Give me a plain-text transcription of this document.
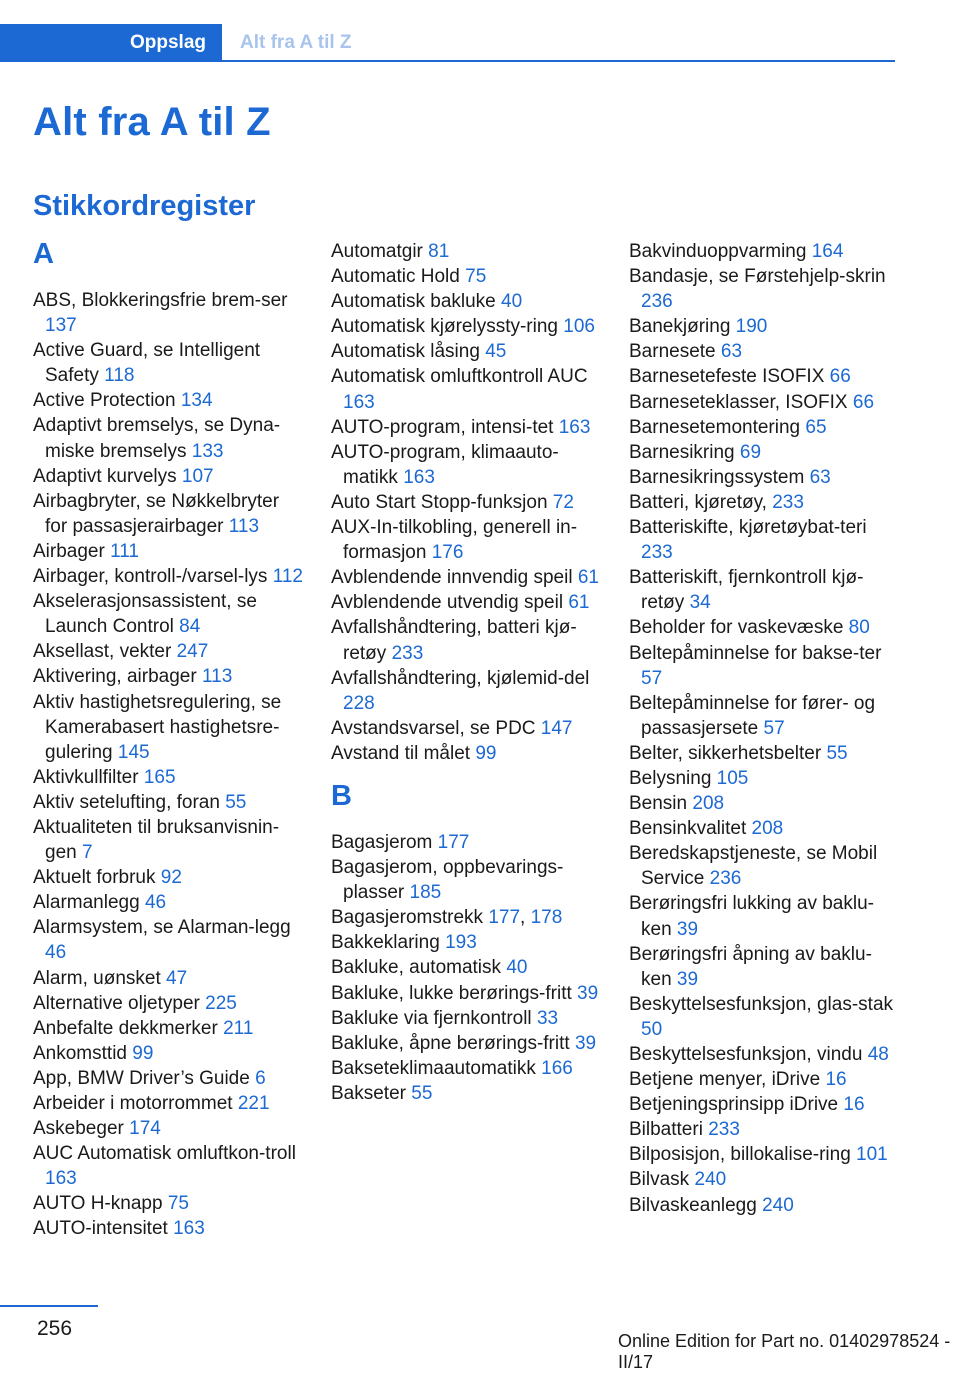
Oppslag	Alt fra A til Z
Alt fra A til Z
Stikkordregister
A
ABS, Blokkeringsfrie brem-ser 137
Active Guard, se Intelligent Safety 118
Active Protection 134
Adaptivt bremselys, se Dyna-miske bremselys 133
Adaptivt kurvelys 107
Airbagbryter, se Nøkkelbryter for passasjerairbager 113
Airbager 111
Airbager, kontroll-/varsel-lys 112
Akselerasjonsassistent, se Launch Control 84
Aksellast, vekter 247
Aktivering, airbager 113
Aktiv hastighetsregulering, se Kamerabasert hastighetsre-gulering 145
Aktivkullfilter 165
Aktiv setelufting, foran 55
Aktualiteten til bruksanvisnin-gen 7
Aktuelt forbruk 92
Alarmanlegg 46
Alarmsystem, se Alarman-legg 46
Alarm, uønsket 47
Alternative oljetyper 225
Anbefalte dekkmerker 211
Ankomsttid 99
App, BMW Driver’s Guide 6
Arbeider i motorrommet 221
Askebeger 174
AUC Automatisk omluftkon-troll 163
AUTO H-knapp 75
AUTO-intensitet 163
Automatgir 81
Automatic Hold 75
Automatisk bakluke 40
Automatisk kjørelyssty-ring 106
Automatisk låsing 45
Automatisk omluftkontroll AUC 163
AUTO-program, intensi-tet 163
AUTO-program, klimaauto-matikk 163
Auto Start Stopp-funksjon 72
AUX-In-tilkobling, generell in-formasjon 176
Avblendende innvendig speil 61
Avblendende utvendig speil 61
Avfallshåndtering, batteri kjø-retøy 233
Avfallshåndtering, kjølemid-del 228
Avstandsvarsel, se PDC 147
Avstand til målet 99
B
Bagasjerom 177
Bagasjerom, oppbevarings-plasser 185
Bagasjeromstrekk 177, 178
Bakkeklaring 193
Bakluke, automatisk 40
Bakluke, lukke berørings-fritt 39
Bakluke via fjernkontroll 33
Bakluke, åpne berørings-fritt 39
Bakseteklimaautomatikk 166
Bakseter 55
Bakvinduoppvarming 164
Bandasje, se Førstehjelp-skrin 236
Banekjøring 190
Barnesete 63
Barnesetefeste ISOFIX 66
Barneseteklasser, ISOFIX 66
Barnesetemontering 65
Barnesikring 69
Barnesikringssystem 63
Batteri, kjøretøy, 233
Batteriskifte, kjøretøybat-teri 233
Batteriskift, fjernkontroll kjø-retøy 34
Beholder for vaskevæske 80
Beltepåminnelse for bakse-ter 57
Beltepåminnelse for fører- og passasjersete 57
Belter, sikkerhetsbelter 55
Belysning 105
Bensin 208
Bensinkvalitet 208
Beredskapstjeneste, se Mobil Service 236
Berøringsfri lukking av baklu-ken 39
Berøringsfri åpning av baklu-ken 39
Beskyttelsesfunksjon, glas-stak 50
Beskyttelsesfunksjon, vindu 48
Betjene menyer, iDrive 16
Betjeningsprinsipp iDrive 16
Bilbatteri 233
Bilposisjon, billokalise-ring 101
Bilvask 240
Bilvaskeanlegg 240
256
Online Edition for Part no. 01402978524 - II/17
